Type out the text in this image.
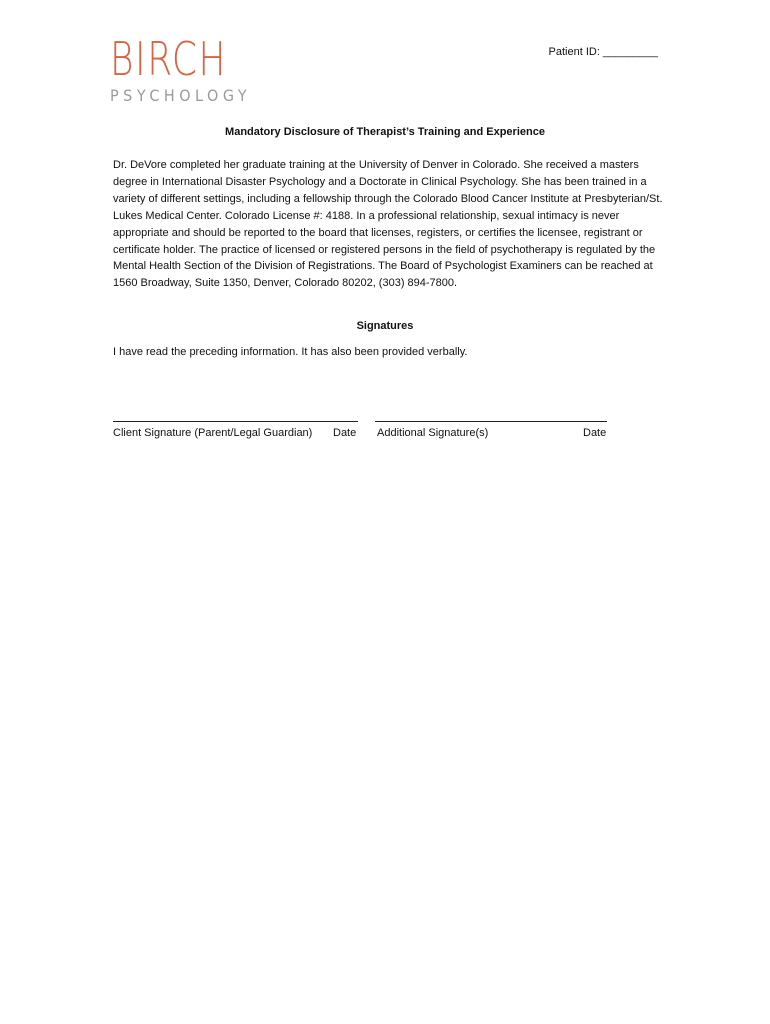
BIRCH
PSYCHOLOGY
Patient ID: _________
Mandatory Disclosure of Therapist’s Training and Experience

Dr. DeVore completed her graduate training at the University of Denver in Colorado. She received a masters degree in International Disaster Psychology and a Doctorate in Clinical Psychology. She has been trained in a variety of different settings, including a fellowship through the Colorado Blood Cancer Institute at Presbyterian/St. Lukes Medical Center. Colorado License #: 4188. In a professional relationship, sexual intimacy is never appropriate and should be reported to the board that licenses, registers, or certifies the licensee, registrant or certificate holder. The practice of licensed or registered persons in the field of psychotherapy is regulated by the Mental Health Section of the Division of Registrations. The Board of Psychologist Examiners can be reached at 1560 Broadway, Suite 1350, Denver, Colorado 80202, (303) 894-7800.

Signatures

I have read the preceding information. It has also been provided verbally.

Client Signature (Parent/Legal Guardian) Date Additional Signature(s)	Date
